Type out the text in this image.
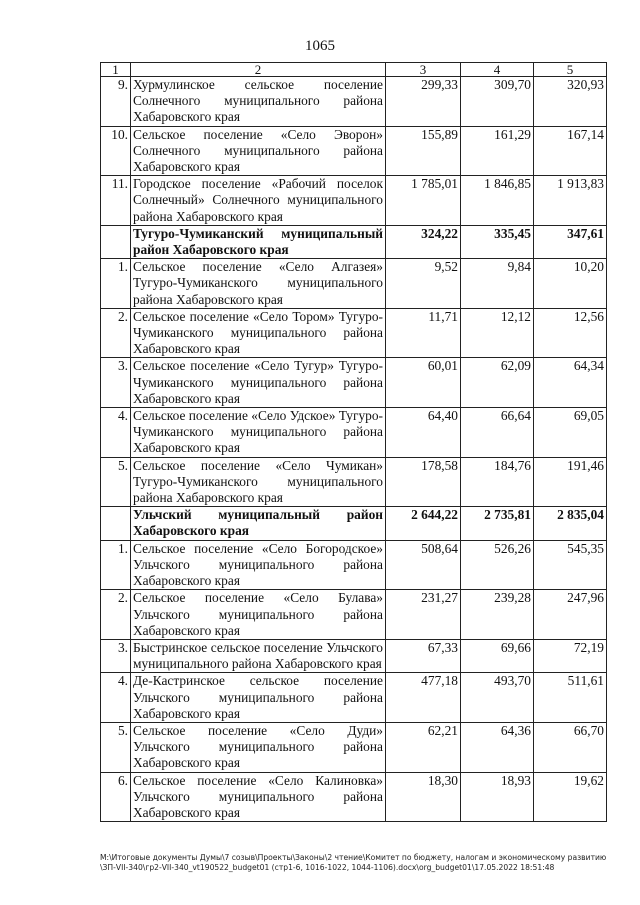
1065
1	2	3	4	5
9.	Хурмулинское сельское поселение Солнечного муниципального района Хабаровского края	299,33	309,70	320,93
10.	Сельское поселение «Село Эворон» Солнечного муниципального района Хабаровского края	155,89	161,29	167,14
11.	Городское поселение «Рабочий поселок Солнечный» Солнечного муниципального района Хабаровского края	1 785,01	1 846,85	1 913,83
	Тугуро-Чумиканский муниципальный район Хабаровского края	324,22	335,45	347,61
1.	Сельское поселение «Село Алгазея» Тугуро-Чумиканского муниципального района Хабаровского края	9,52	9,84	10,20
2.	Сельское поселение «Село Тором» Тугуро-Чумиканского муниципального района Хабаровского края	11,71	12,12	12,56
3.	Сельское поселение «Село Тугур» Тугуро-Чумиканского муниципального района Хабаровского края	60,01	62,09	64,34
4.	Сельское поселение «Село Удское» Тугуро-Чумиканского муниципального района Хабаровского края	64,40	66,64	69,05
5.	Сельское поселение «Село Чумикан» Тугуро-Чумиканского муниципального района Хабаровского края	178,58	184,76	191,46
	Ульчский муниципальный район Хабаровского края	2 644,22	2 735,81	2 835,04
1.	Сельское поселение «Село Богородское» Ульчского муниципального района Хабаровского края	508,64	526,26	545,35
2.	Сельское поселение «Село Булава» Ульчского муниципального района Хабаровского края	231,27	239,28	247,96
3.	Быстринское сельское поселение Ульчского муниципального района Хабаровского края	67,33	69,66	72,19
4.	Де-Кастринское сельское поселение Ульчского муниципального района Хабаровского края	477,18	493,70	511,61
5.	Сельское поселение «Село Дуди» Ульчского муниципального района Хабаровского края	62,21	64,36	66,70
6.	Сельское поселение «Село Калиновка» Ульчского муниципального района Хабаровского края	18,30	18,93	19,62
М:\Итоговые документы Думы\7 созыв\Проекты\Законы\2 чтение\Комитет по бюджету, налогам и экономическому развитию\ЗП-VII-340\гр2-VII-340_vt190522_budget01 (стр1-6, 1016-1022, 1044-1106).docx\org_budget01\17.05.2022 18:51:48
